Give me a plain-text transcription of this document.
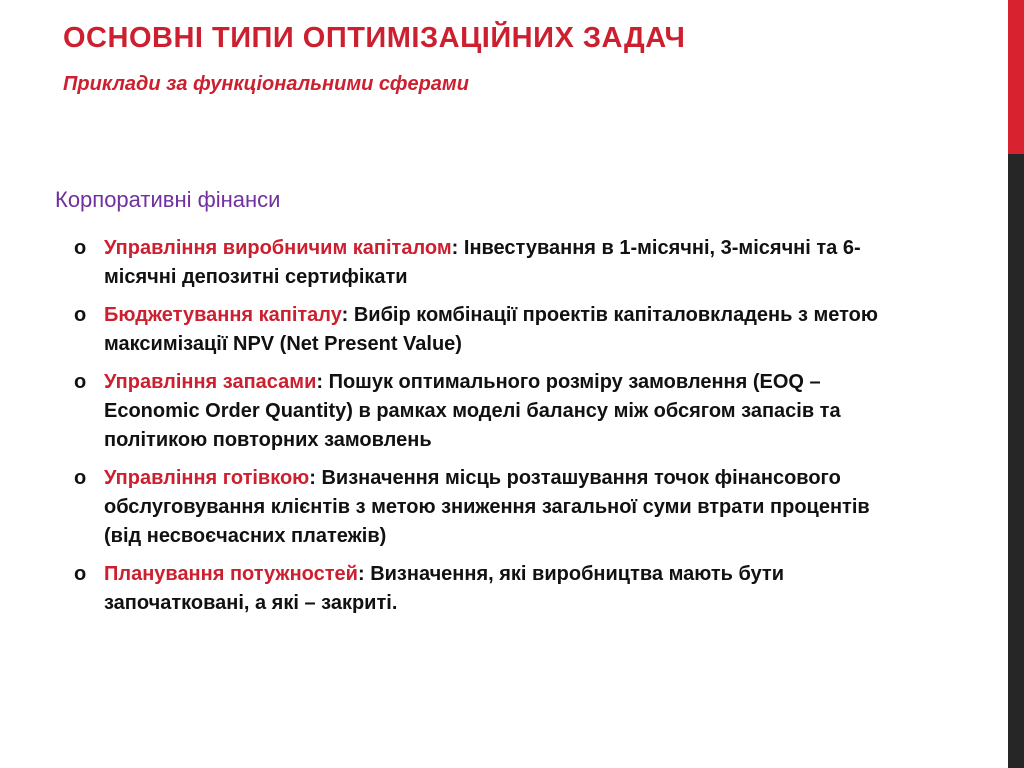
ОСНОВНІ ТИПИ ОПТИМІЗАЦІЙНИХ ЗАДАЧ

Приклади за функціональними сферами

Корпоративні фінанси
o Управління виробничим капіталом: Інвестування в 1-місячні, 3-місячні та 6-місячні депозитні сертифікати
o Бюджетування капіталу: Вибір комбінації проектів капіталовкладень з метою максимізації NPV (Net Present Value)
o Управління запасами: Пошук оптимального розміру замовлення (EOQ – Economic Order Quantity) в рамках моделі балансу між обсягом запасів та політикою повторних замовлень
o Управління готівкою: Визначення місць розташування точок фінансового обслуговування клієнтів з метою зниження загальної суми втрати процентів (від несвоєчасних платежів)
o Планування потужностей: Визначення, які виробництва мають бути започатковані, а які – закриті.
